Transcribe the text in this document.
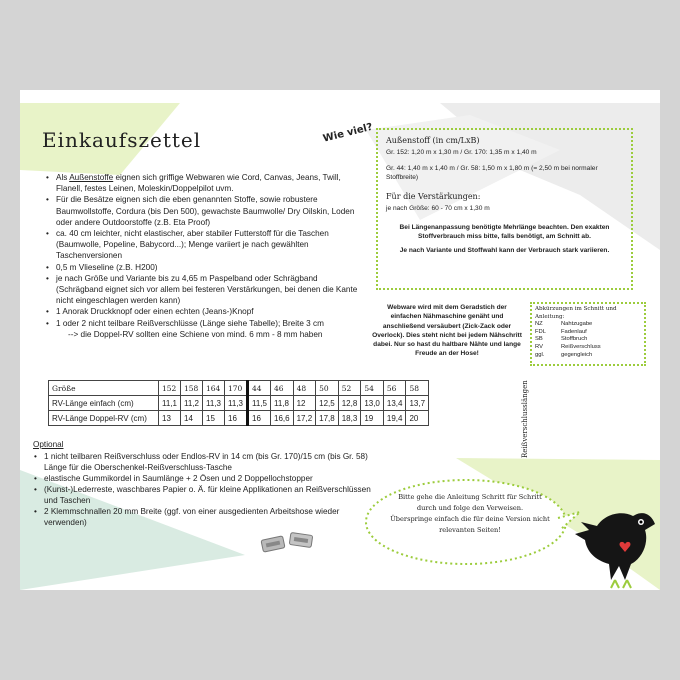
Einkaufszettel	Wie viel?
• Als Außenstoffe eignen sich griffige Webwaren wie Cord, Canvas, Jeans, Twill, Flanell, festes Leinen, Moleskin/Doppelpilot uvm.
• Für die Besätze eignen sich die eben genannten Stoffe, sowie robustere Baumwollstoffe, Cordura (bis Den 500), gewachste Baumwolle/ Dry Oilskin, Loden oder andere Outdoorstoffe (z.B. Eta Proof)
• ca. 40 cm leichter, nicht elastischer, aber stabiler Futterstoff für die Taschen (Baumwolle, Popeline, Babycord...); Menge variiert je nach gewählten Taschenversionen
• 0,5 m Vlieseline (z.B. H200)
• je nach Größe und Variante bis zu 4,65 m Paspelband oder Schrägband (Schrägband eignet sich vor allem bei festeren Verstärkungen, bei denen die Kante nicht eingeschlagen werden kann)
• 1 Anorak Druckknopf oder einen echten (Jeans-)Knopf
• 1 oder 2 nicht teilbare Reißverschlüsse (Länge siehe Tabelle); Breite 3 cm
--> die Doppel-RV sollten eine Schiene von mind. 6 mm - 8 mm haben

Außenstoff (in cm/LxB)

Gr. 152: 1,20 m x 1,30 m / Gr. 170: 1,35 m x 1,40 m

Gr. 44: 1,40 m x 1,40 m / Gr. 58: 1,50 m x 1,80 m (= 2,50 m bei normaler Stoffbreite)

Für die Verstärkungen:

je nach Größe: 60 - 70 cm x 1,30 m

Bei Längenanpassung benötigte Mehrlänge beachten. Den exakten Stoffverbrauch miss bitte, falls benötigt, am Schnitt ab.

Je nach Variante und Stoffwahl kann der Verbrauch stark variieren.

Webware wird mit dem Geradstich der einfachen Nähmaschine genäht und anschließend versäubert (Zick-Zack oder Overlock). Dies steht nicht bei jedem Nähschritt dabei. Nur so hast du haltbare Nähte und lange Freude an der Hose!
Abkürzungen im Schnitt und Anleitung:
NZ	Nahtzugabe
FDL	Fadenlauf
SB	Stoffbruch
RV	Reißverschluss
ggl.	gegengleich
Größe	152	158	164	170	44	46	48	50	52	54	56	58
RV-Länge einfach (cm)	11,1	11,2	11,3	11,3	11,5	11,8	12	12,5	12,8	13,0	13,4	13,7
RV-Länge Doppel-RV (cm)	13	14	15	16	16	16,6	17,2	17,8	18,3	19	19,4	20	Reißverschlusslängen
Optional
• 1 nicht teilbaren Reißverschluss oder Endlos-RV in 14 cm (bis Gr. 170)/15 cm (bis Gr. 58) Länge für die Oberschenkel-Reißverschluss-Tasche
• elastische Gummikordel in Saumlänge + 2 Ösen und 2 Doppellochstopper
• (Kunst-)Lederreste, waschbares Papier o. Ä. für kleine Applikationen an Reißverschlüssen und Taschen
• 2 Klemmschnallen 20 mm Breite (ggf. von einer ausgedienten Arbeitshose wieder verwenden)
Bitte gehe die Anleitung Schritt für Schritt
durch und folge den Verweisen.
Überspringe einfach die für deine Version nicht
relevanten Seiten!
